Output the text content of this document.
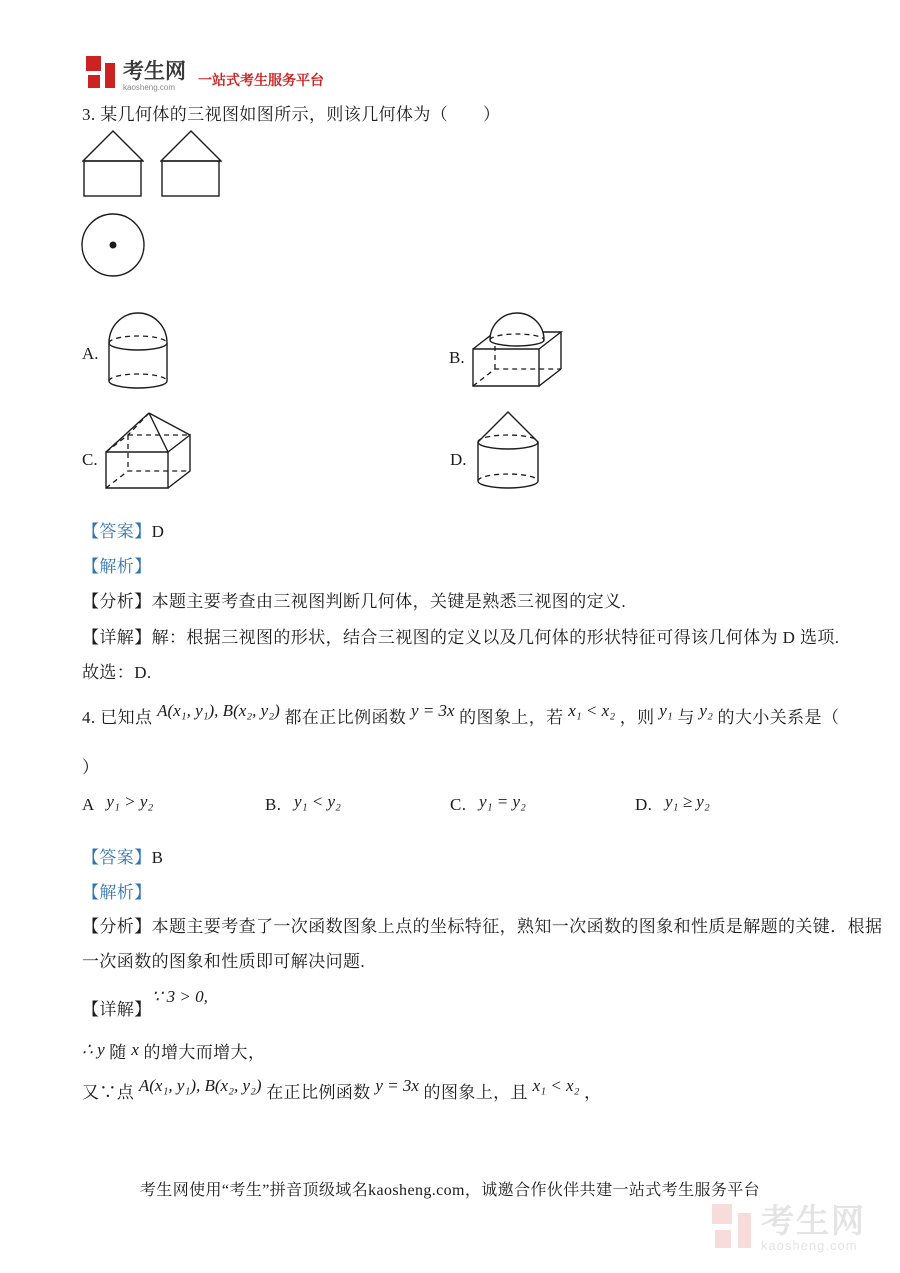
考生网
kaosheng.com	一站式考生服务平台
3. 某几何体的三视图如图所示，则该几何体为（　　）
A.	B.
C.	D.
【答案】D
【解析】
【分析】本题主要考查由三视图判断几何体，关键是熟悉三视图的定义.
【详解】解：根据三视图的形状，结合三视图的定义以及几何体的形状特征可得该几何体为 D 选项.
故选：D.
4. 已知点 A(x₁, y₁), B(x₂, y₂) 都在正比例函数 y = 3x 的图象上，若 x₁ < x₂ ，则 y₁ 与 y₂ 的大小关系是（
）
A y₁ > y₂	B. y₁ < y₂	C. y₁ = y₂	D. y₁ ≥ y₂
【答案】B
【解析】
【分析】本题主要考查了一次函数图象上点的坐标特征，熟知一次函数的图象和性质是解题的关键．根据
一次函数的图象和性质即可解决问题.
【详解】∵ 3 > 0,
∴ y 随 x 的增大而增大，
又∵点 A(x₁, y₁), B(x₂, y₂) 在正比例函数 y = 3x 的图象上，且 x₁ < x₂ ，
考生网使用“考生”拼音顶级域名kaosheng.com，诚邀合作伙伴共建一站式考生服务平台
考生网
kaosheng.com
